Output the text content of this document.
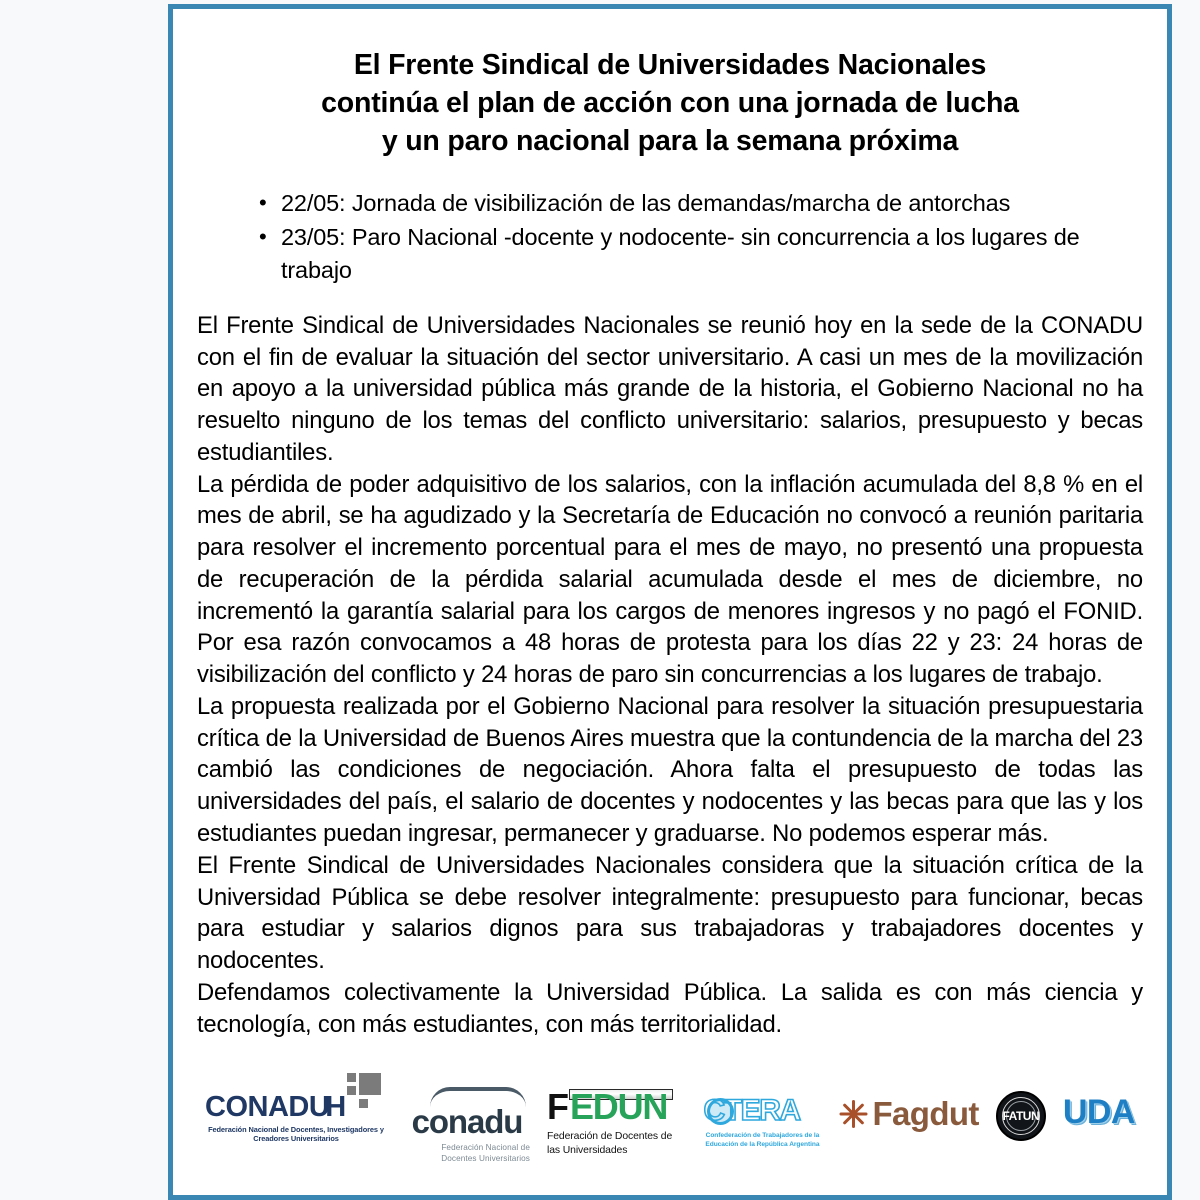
El Frente Sindical de Universidades Nacionales
continúa el plan de acción con una jornada de lucha
y un paro nacional para la semana próxima
• 22/05: Jornada de visibilización de las demandas/marcha de antorchas
• 23/05: Paro Nacional -docente y nodocente- sin concurrencia a los lugares de trabajo

El Frente Sindical de Universidades Nacionales se reunió hoy en la sede de la CONADU con el fin de evaluar la situación del sector universitario. A casi un mes de la movilización en apoyo a la universidad pública más grande de la historia, el Gobierno Nacional no ha resuelto ninguno de los temas del conflicto universitario: salarios, presupuesto y becas estudiantiles.

La pérdida de poder adquisitivo de los salarios, con la inflación acumulada del 8,8 % en el mes de abril, se ha agudizado y la Secretaría de Educación no convocó a reunión paritaria para resolver el incremento porcentual para el mes de mayo, no presentó una propuesta de recuperación de la pérdida salarial acumulada desde el mes de diciembre, no incrementó la garantía salarial para los cargos de menores ingresos y no pagó el FONID. Por esa razón convocamos a 48 horas de protesta para los días 22 y 23: 24 horas de visibilización del conflicto y 24 horas de paro sin concurrencias a los lugares de trabajo.

La propuesta realizada por el Gobierno Nacional para resolver la situación presupuestaria crítica de la Universidad de Buenos Aires muestra que la contundencia de la marcha del 23 cambió las condiciones de negociación. Ahora falta el presupuesto de todas las universidades del país, el salario de docentes y nodocentes y las becas para que las y los estudiantes puedan ingresar, permanecer y graduarse. No podemos esperar más.

El Frente Sindical de Universidades Nacionales considera que la situación crítica de la Universidad Pública se debe resolver integralmente: presupuesto para funcionar, becas para estudiar y salarios dignos para sus trabajadoras y trabajadores docentes y nodocentes.

Defendamos colectivamente la Universidad Pública. La salida es con más ciencia y tecnología, con más estudiantes, con más territorialidad.

CONADU
H
Federación Nacional de Docentes, Investigadores y Creadores Universitarios	conadu
Federación Nacional de Docentes Universitarios
F EDUN
Federación de Docentes de las Universidades
CTERA
Confederación de Trabajadores de la Educación de la República Argentina
Fagdut FATUN UDA
